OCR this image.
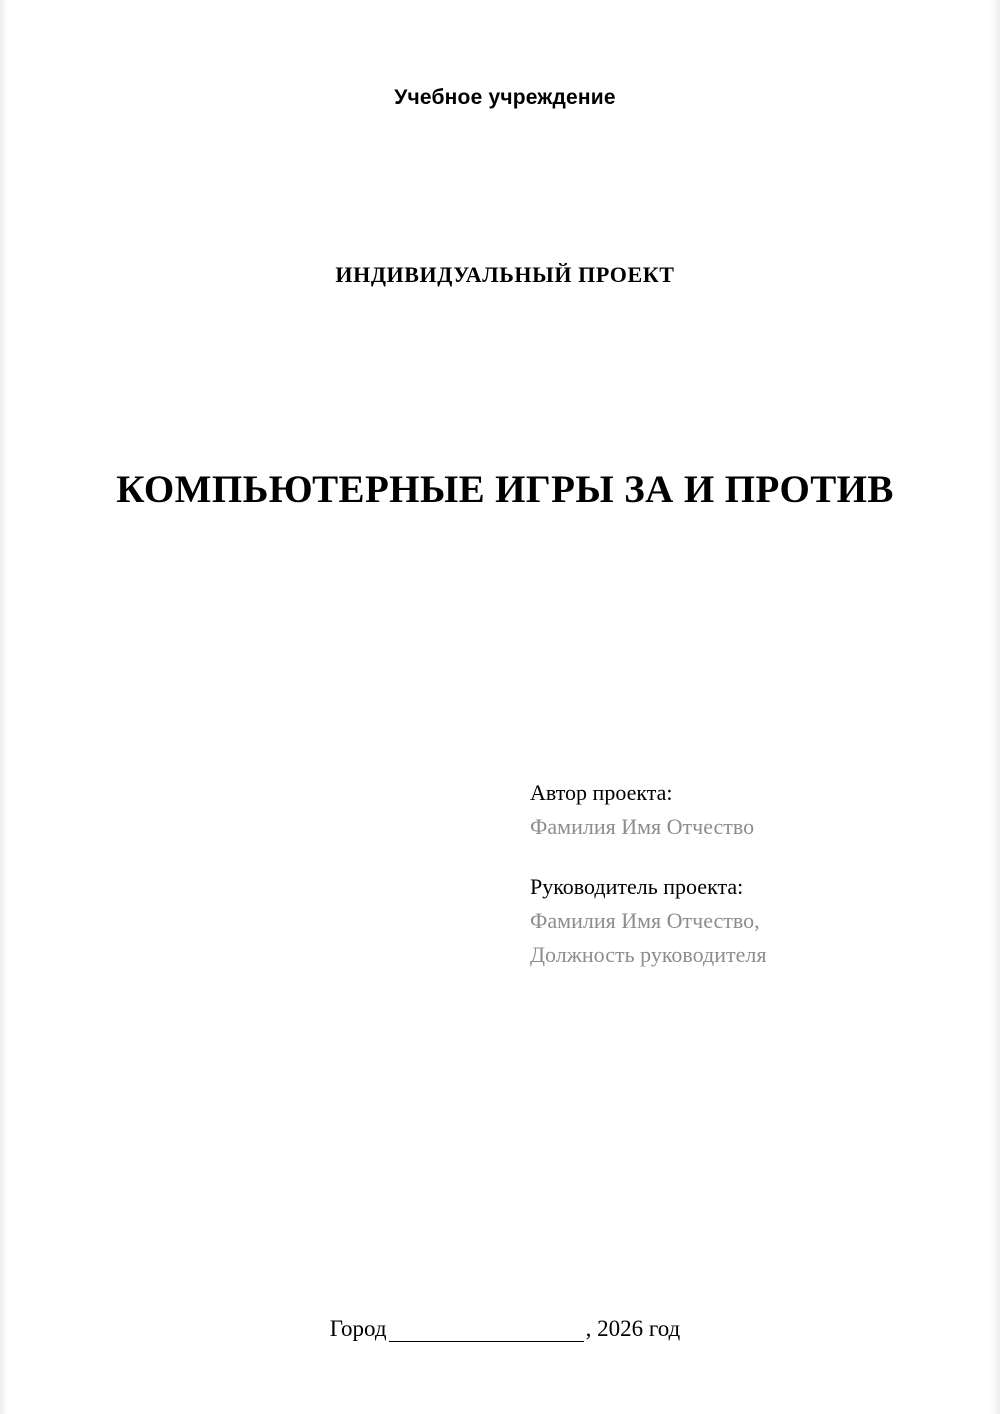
Учебное учреждение
ИНДИВИДУАЛЬНЫЙ ПРОЕКТ
КОМПЬЮТЕРНЫЕ ИГРЫ ЗА И ПРОТИВ
Автор проекта:
Фамилия Имя Отчество
Руководитель проекта:
Фамилия Имя Отчество,
Должность руководителя
Город	, 2026 год
